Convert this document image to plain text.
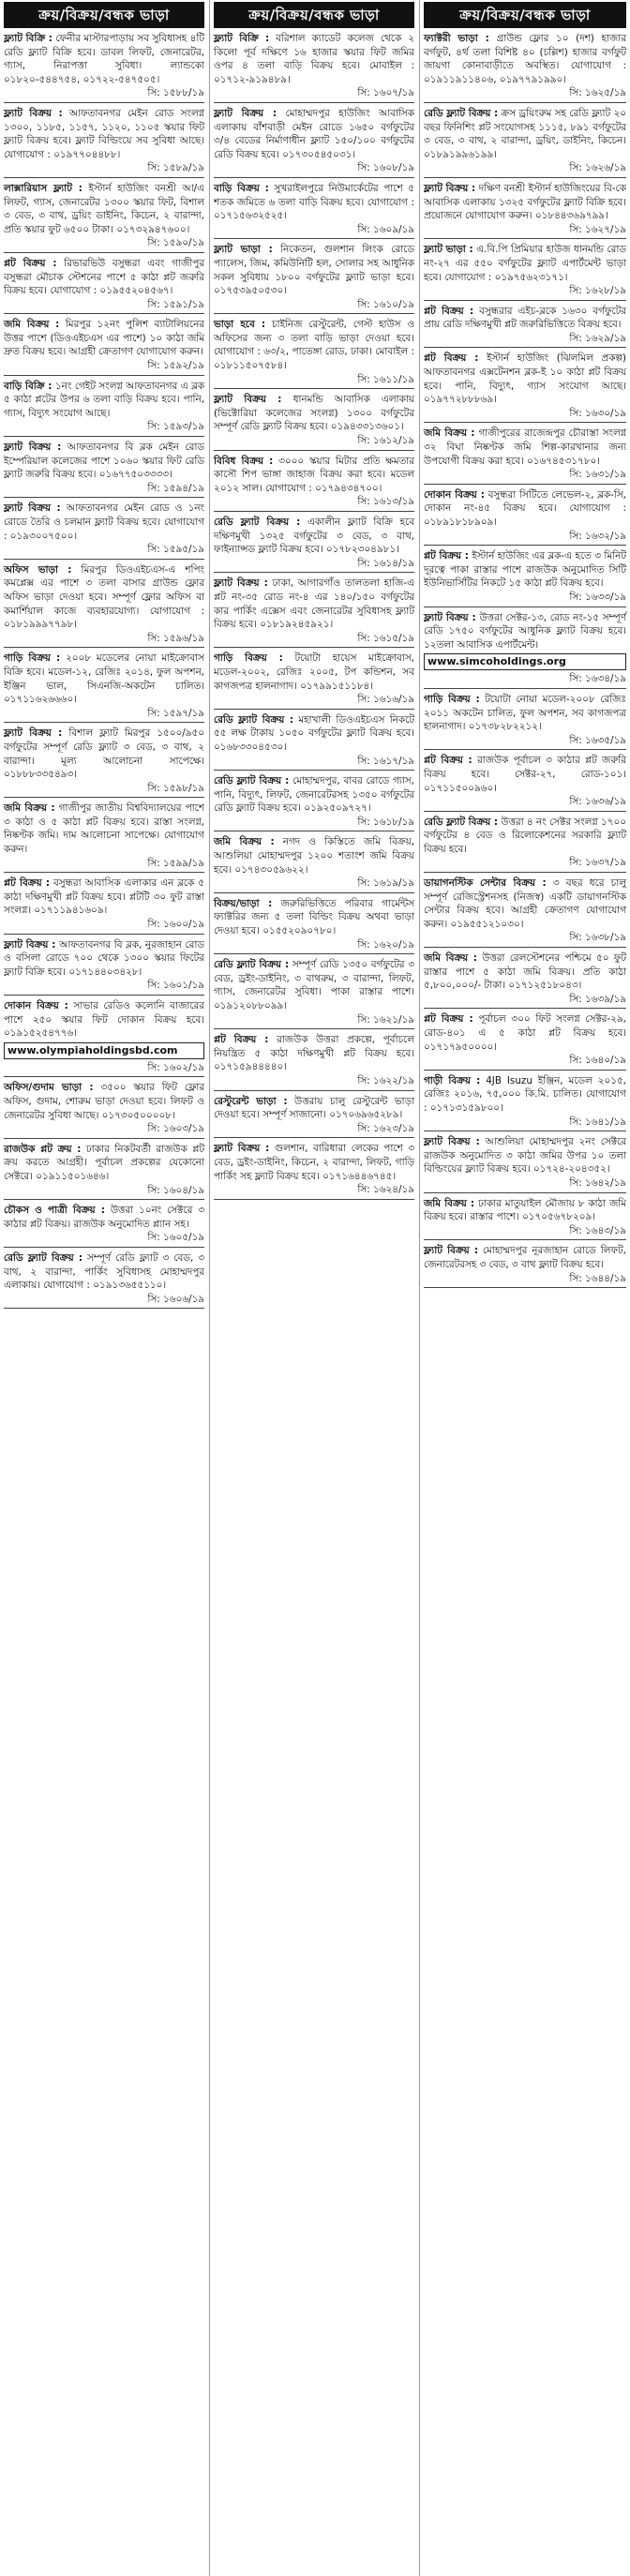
ক্রয়/বিক্রয়/বন্ধক ভাড়া

ফ্ল্যাট বিক্রি : ফেনীর মাস্টারপাড়ায় সব সুবিধাসহ ৪টি রেডি ফ্ল্যাট বিক্রি হবে। ডাবল লিফট, জেনারেটর, গ্যাস, নিরাপত্তা সুবিধা। ল্যান্ডকো ০১৮২০-৫৪৪৭৫৪, ০১৭২২-৫৪৭৫০৫।

সি: ১৫৮৮/১৯

ফ্ল্যাট বিক্রয় : আফতাবনগর মেইন রোড সংলগ্ন ১৩০০, ১১৮৫, ১১৫৭, ১১২০, ১১০৫ স্কয়ার ফিট ফ্ল্যাট বিক্রয় হবে। ফ্ল্যাট বিল্ডিংয়ে সব সুবিধা আছে। যোগাযোগ : ০১৯৭৭০৪৪৮৮।

সি: ১৫৮৯/১৯

লাক্সারিয়াস ফ্ল্যাট : ইস্টার্ন হাউজিং বনশ্রী আ/এ লিফট, গ্যাস, জেনারেটর ১৩০০ স্কয়ার ফিট, বিশাল ৩ বেড, ৩ বাথ, ড্রয়িং ডাইনিং, কিচেন, ২ বারান্দা, প্রতি স্কয়ার ফুট ৬৫০০ টাকা। ০১৭৩২৯৪৭৬০০।

সি: ১৫৯০/১৯

প্লট বিক্রয় : রিভারভিউ বসুন্ধরা এবং গাজীপুর বসুন্ধরা মৌচাক স্টেশনের পাশে ৫ কাঠা প্লট জরুরি বিক্রয় হবে। যোগাযোগ : ০১৯৫৫২০৪৫৬৭।

সি: ১৫৯১/১৯

জমি বিক্রয় : মিরপুর ১২নং পুলিশ ব্যাটালিয়নের উত্তর পাশে (ডিওএইচএস এর পাশে) ১০ কাঠা জমি দ্রুত বিক্রয় হবে। আগ্রহী ক্রেতাগণ যোগাযোগ করুন।

সি: ১৫৯২/১৯

বাড়ি বিক্রি : ১নং গেইট সংলগ্ন আফতাবনগর এ ব্লক ৫ কাঠা প্লটের উপর ৬ তলা বাড়ি বিক্রয় হবে। পানি, গ্যাস, বিদ্যুৎ সংযোগ আছে।

সি: ১৫৯৩/১৯

ফ্ল্যাট বিক্রয় : আফতাবনগর বি ব্লক মেইন রোড ইম্পেরিয়াল কলেজের পাশে ১০৬০ স্কয়ার ফিট রেডি ফ্ল্যাট জরুরি বিক্রয় হবে। ০১৬৭৭৫০৩৩৩৩।

সি: ১৫৯৪/১৯

ফ্ল্যাট বিক্রয় : আফতাবনগর মেইন রোড ও ১নং রোডে তৈরি ও চলমান ফ্ল্যাট বিক্রয় হবে। যোগাযোগ : ০১৯৩০০৭৫০০।

সি: ১৫৯৫/১৯

অফিস ভাড়া : মিরপুর ডিওএইচএস-এ শপিং কমপ্লেক্স এর পাশে ৩ তলা বাসার গ্রাউন্ড ফ্লোর অফিস ভাড়া দেওয়া হবে। সম্পূর্ণ ফ্লোর অফিস বা কমার্শিয়াল কাজে ব্যবহারযোগ্য। যোগাযোগ : ০১৮১৯৯৯৭৭৯৮।

সি: ১৫৯৬/১৯

গাড়ি বিক্রয় : ২০০৮ মডেলের নোয়া মাইক্রোবাস বিক্রি হবে। মডেল-১২, রেজিঃ ২০১৪, ফুল অপশন, ইঞ্জিন ভাল, সিএনজি-অকটেন চালিত। ০১৭১১৬২৬৬৬০।

সি: ১৫৯৭/১৯

ফ্ল্যাট বিক্রয় : বিশাল ফ্ল্যাট মিরপুর ১৫০০/৯৫০ বর্গফুটের সম্পূর্ণ রেডি ফ্ল্যাট ৩ বেড, ৩ বাথ, ২ বারান্দা। মূল্য আলোচনা সাপেক্ষে। ০১৮৮৮৩৩৫৪৯৩।

সি: ১৫৯৮/১৯

জমি বিক্রয় : গাজীপুর জাতীয় বিশ্ববিদ্যালয়ের পাশে ৩ কাঠা ও ৫ কাঠা প্লট বিক্রয় হবে। রাস্তা সংলগ্ন, নিষ্কণ্টক জমি। দাম আলোচনা সাপেক্ষে। যোগাযোগ করুন।

সি: ১৫৯৯/১৯

প্লট বিক্রয় : বসুন্ধরা আবাসিক এলাকার এন ব্লকে ৫ কাঠা দক্ষিণমুখী প্লট বিক্রয় হবে। প্লটটি ৩০ ফুট রাস্তা সংলগ্ন। ০১৭১১৯৪১৬০৯।

সি: ১৬০০/১৯

ফ্ল্যাট বিক্রয় : আফতাবনগর বি ব্লক, নুরজাহান রোড ও বসিলা রোডে ৭০০ থেকে ১৩০০ স্কয়ার ফিটের ফ্ল্যাট বিক্রি হবে। ০১৭১৪৪০৩৪২৮।

সি: ১৬০১/১৯

দোকান বিক্রয় : সাভার রেডিও কলোনি বাজারের পাশে ২৫০ স্কয়ার ফিট দোকান বিক্রয় হবে। ০১৯১৫২৫৪৭৭৬।

www.olympiaholdingsbd.com
সি: ১৬০২/১৯

অফিস/গুদাম ভাড়া : ৩৫০০ স্কয়ার ফিট ফ্লোর অফিস, গুদাম, শোরুম ভাড়া দেওয়া হবে। লিফট ও জেনারেটর সুবিধা আছে। ০১৭৩০৫০০০০৮।

সি: ১৬০৩/১৯

রাজউক প্লট ক্রয় : ঢাকার নিকটবর্তী রাজউক প্লট ক্রয় করতে আগ্রহী। পূর্বাচল প্রকল্পের যেকোনো সেক্টরে। ০১৯১১৫০১৬৪৬।

সি: ১৬০৪/১৯

চৌকস ও পাত্রী বিক্রয় : উত্তরা ১০নং সেক্টরে ৩ কাঠার প্লট বিক্রয়। রাজউক অনুমোদিত প্ল্যান সহ।

সি: ১৬০৫/১৯

রেডি ফ্ল্যাট বিক্রয় : সম্পূর্ণ রেডি ফ্ল্যাট ৩ বেড, ৩ বাথ, ২ বারান্দা, পার্কিং সুবিধাসহ মোহাম্মদপুর এলাকায়। যোগাযোগ : ০১৯১৩৬৫৫১১০।

সি: ১৬০৬/১৯
ক্রয়/বিক্রয়/বন্ধক ভাড়া

ফ্ল্যাট বিক্রি : বরিশাল ক্যাডেট কলেজ থেকে ২ কিলো পূর্ব দক্ষিণে ১৬ হাজার স্কয়ার ফিট জমির ওপর ৪ তলা বাড়ি বিক্রয় হবে। মোবাইল : ০১৭১২-৯১৯৪৮৯।

সি: ১৬০৭/১৯

ফ্ল্যাট বিক্রয় : মোহাম্মদপুর হাউজিং আবাসিক এলাকায় বাঁশবাড়ী মেইন রোডে ১৬৫০ বর্গফুটের ৩/৪ বেডের নির্মাণাধীন ফ্ল্যাট ১৫০/১০০ বর্গফুটের রেডি বিক্রয় হবে। ০১৭৩০৫৪৫০৩১।

সি: ১৬০৮/১৯

বাড়ি বিক্রয় : সুখরাইলপুরে নিউমার্কেটের পাশে ৫ শতক জমিতে ৬ তলা বাড়ি বিক্রয় হবে। যোগাযোগ : ০১৭১৫৬৩২৫২৫।

সি: ১৬০৯/১৯

ফ্ল্যাট ভাড়া : নিকেতন, গুলশান লিংক রোডে প্যালেস, জিম, কমিউনিটি হল, সোলার সহ আধুনিক সকল সুবিধায় ১৮০০ বর্গফুটের ফ্ল্যাট ভাড়া হবে। ০১৭৫৩৯৫০৫৩০।

সি: ১৬১০/১৯

ভাড়া হবে : চাইনিজ রেস্টুরেন্ট, গেস্ট হাউস ও অফিসের জন্য ৩ তলা বাড়ি ভাড়া দেওয়া হবে। যোগাযোগ : ৬৩/২, পাতেঙ্গা রোড, ঢাকা। মোবাইল : ০১৮১১৫০৭৫৮৪।

সি: ১৬১১/১৯

ফ্ল্যাট বিক্রয় : ধানমন্ডি আবাসিক এলাকায় (ভিক্টোরিয়া কলেজের সংলগ্ন) ১৩০০ বর্গফুটের সম্পূর্ণ রেডি ফ্ল্যাট বিক্রয় হবে। ০১৯৪৩৩১৩৬০১।

সি: ১৬১২/১৯

বিবিধ বিক্রয় : ৩০০০ স্কয়ার মিটার প্রতি ক্ষমতার কাসৌ শিপ ভাঙ্গা জাহাজ বিক্রয় করা হবে। মডেল ২০১২ সাল। যোগাযোগ : ০১৭৯৪৩৪৭০০।

সি: ১৬১৩/১৯

রেডি ফ্ল্যাট বিক্রয় : একালীন ফ্ল্যাট বিক্রি হবে দক্ষিণমুখী ১৩২৫ বর্গফুটের ৩ বেড, ৩ বাথ, ফাইন্যান্সড ফ্ল্যাট বিক্রয় হবে। ০১৭৮২৩০৪৯৮১।

সি: ১৬১৪/১৯

ফ্ল্যাট বিক্রয় : ঢাকা, আগারগাঁও তালতলা হাজি-এ প্লট নং-৩৫ রোড নং-৪ এর ১৪০/১৫০ বর্গফুটের কার পার্কিং এক্সেস এবং জেনারেটর সুবিধাসহ ফ্ল্যাট বিক্রয় হবে। ০১৮১৯২৪৫৯২১।

সি: ১৬১৫/১৯

গাড়ি বিক্রয় : টয়োটা হায়েস মাইক্রোবাস, মডেল-২০০২, রেজিঃ ২০০৫, টপ কন্ডিশন, সব কাগজপত্র হালনাগাদ। ০১৭৯৯১৫১১৮৪।

সি: ১৬১৬/১৯

রেডি ফ্ল্যাট বিক্রয় : মহাখালী ডিওএইচএস নিকটে ৫৫ লক্ষ টাকায় ১০৫০ বর্গফুটের ফ্ল্যাট বিক্রয় হবে। ০১৬৮৩৩০৪৫৩০।

সি: ১৬১৭/১৯

রেডি ফ্ল্যাট বিক্রয় : মোহাম্মদপুর, বাবর রোডে গ্যাস, পানি, বিদ্যুৎ, লিফট, জেনারেটরসহ ১৩৫০ বর্গফুটের রেডি ফ্ল্যাট বিক্রয় হবে। ০১৯২৫০৯৭২৭।

সি: ১৬১৮/১৯

জমি বিক্রয় : নগদ ও কিস্তিতে জমি বিক্রয়, আশুলিয়া মোহাম্মদপুর ১২০০ শতাংশ জমি বিক্রয় হবে। ০১৭৪৩০৫৯৬২২।

সি: ১৬১৯/১৯

বিক্রয়/ভাড়া : জরুরিভিত্তিতে পরিবার গার্মেন্টস ফ্যাক্টরির জন্য ৫ তলা বিল্ডিং বিক্রয় অথবা ভাড়া দেওয়া হবে। ০১৫৫২০৯০৭৮০।

সি: ১৬২০/১৯

রেডি ফ্ল্যাট বিক্রয় : সম্পূর্ণ রেডি ১৩৫০ বর্গফুটের ৩ বেড, ড্রইং-ডাইনিং, ৩ বাথরুম, ৩ বারান্দা, লিফট, গ্যাস, জেনারেটর সুবিধা। পাকা রাস্তার পাশে। ০১৯১২০৮৮০৯৯।

সি: ১৬২১/১৯

প্লট বিক্রয় : রাজউক উত্তরা প্রকল্পে, পূর্বাচলে নিয়ন্ত্রিত ৫ কাঠা দক্ষিণমুখী প্লট বিক্রয় হবে। ০১৭১৫৯৪৪৪৪০।

সি: ১৬২২/১৯

রেস্টুরেন্ট ভাড়া : উত্তরায় চালু রেস্টুরেন্ট ভাড়া দেওয়া হবে। সম্পূর্ণ সাজানো। ০১৭০৬৯৬৫২৮৯।

সি: ১৬২৩/১৯

ফ্ল্যাট বিক্রয় : গুলশান, বারিধারা লেকের পাশে ৩ বেড, ড্রইং-ডাইনিং, কিচেন, ২ বারান্দা, লিফট, গাড়ি পার্কিং সহ ফ্ল্যাট বিক্রয় হবে। ০১৭১৬৪৪৬৭৪৫।

সি: ১৬২৪/১৯
ক্রয়/বিক্রয়/বন্ধক ভাড়া

ফ্যাক্টরী ভাড়া : গ্রাউন্ড ফ্লোর ১০ (দশ) হাজার বর্গফুট, ৪র্থ তলা বিশিষ্ট ৪০ (চল্লিশ) হাজার বর্গফুট জায়গা কোনাবাড়ীতে অবস্থিত। যোগাযোগ : ০১৯১১৯১১৪০৬, ০১৯৭৭৯১৯৯০।

সি: ১৬২৫/১৯

রেডি ফ্ল্যাট বিক্রয় : ক্রস ড্রয়িংরুম সহ রেডি ফ্ল্যাট ২০ বছর ফিনিশিং প্লট সংযোগসহ ১১১৫, ৮৯১ বর্গফুটের ৩ বেড, ৩ বাথ, ২ বারান্দা, ড্রয়িং, ডাইনিং, কিচেন। ০১৮৯১৯৯৬১৯৯।

সি: ১৬২৬/১৯

ফ্ল্যাট বিক্রয় : দক্ষিণ বনশ্রী ইস্টার্ন হাউজিংয়ের বি-কে আবাসিক এলাকায় ১৩২৫ বর্গফুটের ফ্ল্যাট বিক্রি হবে। প্রয়োজনে যোগাযোগ করুন। ০১৮৪৪৩৬৯৭৯৯।

সি: ১৬২৭/১৯

ফ্ল্যাট ভাড়া : এ.বি.পি প্রিমিয়ার হাউজ ধানমন্ডি রোড নং-২৭ এর ৫৫০ বর্গফুটের ফ্ল্যাট এপার্টমেন্ট ভাড়া হবে। যোগাযোগ : ০১৯৭৫৬২৩১৭১।

সি: ১৬২৮/১৯

প্লট বিক্রয় : বসুন্ধরার এইচ-ব্লকে ১৬৩০ বর্গফুটের প্রায় রেডি দক্ষিণমুখী প্লট জরুরিভিত্তিতে বিক্রয় হবে।

সি: ১৬২৯/১৯

প্লট বিক্রয় : ইস্টার্ন হাউজিং (ঝিলমিল প্রকল্প) আফতাবনগর এক্সটেনশন ব্লক-ই ১০ কাঠা প্লট বিক্রয় হবে। পানি, বিদ্যুৎ, গ্যাস সংযোগ আছে। ০১৯৭৭২৮৮৮৬৯।

সি: ১৬৩০/১৯

জমি বিক্রয় : গাজীপুরের রাজেন্দ্রপুর চৌরাস্তা সংলগ্ন ৩২ বিঘা নিষ্কণ্টক জমি শিল্প-কারখানার জন্য উপযোগী বিক্রয় করা হবে। ০১৬৭৪৫৩১৭৮০।

সি: ১৬৩১/১৯

দোকান বিক্রয় : বসুন্ধরা সিটিতে লেভেল-২, ব্লক-সি, দোকান নং-৪৫ বিক্রয় হবে। যোগাযোগ : ০১৮৯১৮১৮৯০৯।

সি: ১৬৩২/১৯

প্লট বিক্রয় : ইস্টার্ন হাউজিং এর ব্লক-এ হতে ৩ মিনিট দূরত্বে পাকা রাস্তার পাশে রাজউক অনুমোদিত সিটি ইউনিভার্সিটির নিকটে ১৫ কাঠা প্লট বিক্রয় হবে।

সি: ১৬৩৩/১৯

ফ্ল্যাট বিক্রয় : উত্তরা সেক্টর-১৩, রোড নং-১৫ সম্পূর্ণ রেডি ১৭৫০ বর্গফুটের আধুনিক ফ্ল্যাট বিক্রয় হবে। ১২তলা আবাসিক এপার্টমেন্ট।

www.simcoholdings.org
সি: ১৬৩৪/১৯

গাড়ি বিক্রয় : টয়োটা নোয়া মডেল-২০০৮ রেজিঃ ২০১১ অকটেন চালিত, ফুল অপশন, সব কাগজপত্র হালনাগাদ। ০১৭৩৮২৮২২১২।

সি: ১৬৩৫/১৯

প্লট বিক্রয় : রাজউক পূর্বাচল ৩ কাঠার প্লট জরুরি বিক্রয় হবে। সেক্টর-২৭, রোড-১০১। ০১৭১১৫০০৯৬০।

সি: ১৬৩৬/১৯

রেডি ফ্ল্যাট বিক্রয় : উত্তরা ৪ নং সেক্টর সংলগ্ন ১৭০০ বর্গফুটের ৪ বেড ও রিলোকেশনের সরকারি ফ্ল্যাট বিক্রয় হবে।

সি: ১৬৩৭/১৯

ডায়াগনস্টিক সেন্টার বিক্রয় : ৩ বছর ধরে চালু সম্পূর্ণ রেজিস্ট্রেশনসহ (নিজস্ব) একটি ডায়াগনস্টিক সেন্টার বিক্রয় হবে। আগ্রহী ক্রেতাগণ যোগাযোগ করুন। ০১৯৫৫১২১০৩০।

সি: ১৬৩৮/১৯

জমি বিক্রয় : উত্তরা রেলস্টেশনের পশ্চিমে ৫০ ফুট রাস্তার পাশে ৫ কাঠা জমি বিক্রয়। প্রতি কাঠা ৫,৮০০,০০০/- টাকা। ০১৭১২৫১৮০৪৩।

সি: ১৬৩৯/১৯

প্লট বিক্রয় : পূর্বাচল ৩০০ ফিট সংলগ্ন সেক্টর-২৯, রোড-৪০১ এ ৫ কাঠা প্লট বিক্রয় হবে। ০১৭১৭৯৫০০০০।

সি: ১৬৪০/১৯

গাড়ী বিক্রয় : 4JB Isuzu ইঞ্জিন, মডেল ২০১৫, রেজিঃ ২০১৬, ৭৫,০০০ কি.মি. চালিত। যোগাযোগ : ০১৭১৩১৫৯৮০০।

সি: ১৬৪১/১৯

ফ্ল্যাট বিক্রয় : আশুলিয়া মোহাম্মদপুর ২নং সেক্টরে রাজউক অনুমোদিত ৩ কাঠা জমির উপর ১০ তলা বিল্ডিংয়ের ফ্ল্যাট বিক্রয় হবে। ০১৭২৪-২০৪৩৫২।

সি: ১৬৪২/১৯

জমি বিক্রয় : ঢাকার মাতুয়াইল মৌজায় ৮ কাঠা জমি বিক্রয় হবে। রাস্তার পাশে। ০১৭০৫৬৭৮২০৯।

সি: ১৬৪৩/১৯

ফ্ল্যাট বিক্রয় : মোহাম্মদপুর নূরজাহান রোডে লিফট, জেনারেটরসহ ৩ বেড, ৩ বাথ ফ্ল্যাট বিক্রয় হবে।

সি: ১৬৪৪/১৯
